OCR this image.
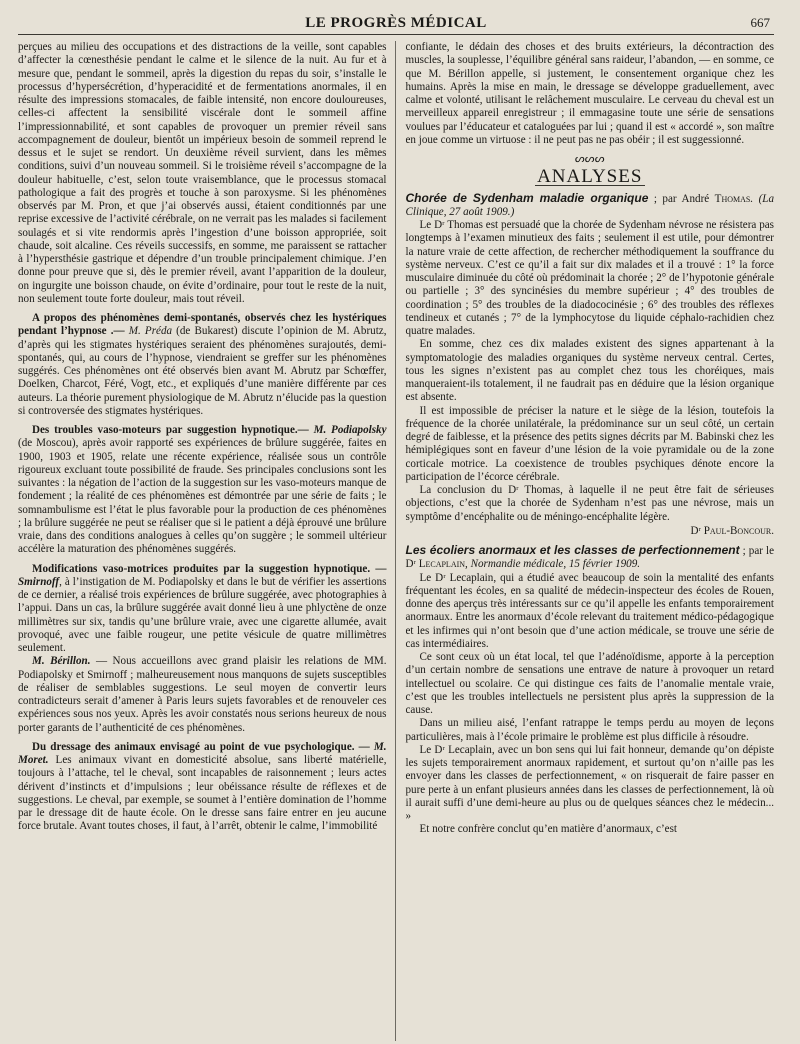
LE PROGRÈS MÉDICAL	667

perçues au milieu des occupations et des distractions de la veille, sont capables d’affecter la cœnesthésie pendant le calme et le silence de la nuit. Au fur et à mesure que, pendant le sommeil, après la digestion du repas du soir, s’installe le processus d’hypersécrétion, d’hyperacidité et de fermentations anormales, il en résulte des impressions stomacales, de faible intensité, non encore douloureuses, celles-ci affectent la sensibilité viscérale dont le sommeil affine l’impressionnabilité, et sont capables de provoquer un premier réveil sans accompagnement de douleur, bientôt un impérieux besoin de sommeil reprend le dessus et le sujet se rendort. Un deuxième réveil survient, dans les mêmes conditions, suivi d’un nouveau sommeil. Si le troisième réveil s’accompagne de la douleur habituelle, c’est, selon toute vraisemblance, que le processus stomacal pathologique a fait des progrès et touche à son paroxysme. Si les phénomènes observés par M. Pron, et que j’ai observés aussi, étaient conditionnés par une reprise excessive de l’activité cérébrale, on ne verrait pas les malades si facilement soulagés et si vite rendormis après l’ingestion d’une boisson appropriée, soit chaude, soit alcaline. Ces réveils successifs, en somme, me paraissent se rattacher à l’hypersthésie gastrique et dépendre d’un trouble principalement chimique. J’en donne pour preuve que si, dès le premier réveil, avant l’apparition de la douleur, on ingurgite une boisson chaude, on évite d’ordinaire, pour tout le reste de la nuit, non seulement toute forte douleur, mais tout réveil.

A propos des phénomènes demi-spontanés, observés chez les hystériques pendant l’hypnose .— M. Préda (de Bukarest) discute l’opinion de M. Abrutz, d’après qui les stigmates hystériques seraient des phénomènes surajoutés, demi-spontanés, qui, au cours de l’hypnose, viendraient se greffer sur les phénomènes suggérés. Ces phénomènes ont été observés bien avant M. Abrutz par Schœffer, Doelken, Charcot, Féré, Vogt, etc., et expliqués d’une manière différente par ces auteurs. La théorie purement physiologique de M. Abrutz n’élucide pas la question si controversée des stigmates hystériques.

Des troubles vaso-moteurs par suggestion hypnotique.— M. Podiapolsky (de Moscou), après avoir rapporté ses expériences de brûlure suggérée, faites en 1900, 1903 et 1905, relate une récente expérience, réalisée sous un contrôle rigoureux excluant toute possibilité de fraude. Ses principales conclusions sont les suivantes : la négation de l’action de la suggestion sur les vaso-moteurs manque de fondement ; la réalité de ces phénomènes est démontrée par une série de faits ; le somnambulisme est l’état le plus favorable pour la production de ces phénomènes ; la brûlure suggérée ne peut se réaliser que si le patient a déjà éprouvé une brûlure vraie, dans des conditions analogues à celles qu’on suggère ; le sommeil ultérieur accélère la maturation des phénomènes suggérés.

Modifications vaso-motrices produites par la suggestion hypnotique. — Smirnoff, à l’instigation de M. Podiapolsky et dans le but de vérifier les assertions de ce dernier, a réalisé trois expériences de brûlure suggérée, avec photographies à l’appui. Dans un cas, la brûlure suggérée avait donné lieu à une phlyctène de onze millimètres sur six, tandis qu’une brûlure vraie, avec une cigarette allumée, avait provoqué, avec une faible rougeur, une petite vésicule de quatre millimètres seulement.

M. Bérillon. — Nous accueillons avec grand plaisir les relations de MM. Podiapolsky et Smirnoff ; malheureusement nous manquons de sujets susceptibles de réaliser de semblables suggestions. Le seul moyen de convertir leurs contradicteurs serait d’amener à Paris leurs sujets favorables et de renouveler ces expériences sous nos yeux. Après les avoir constatés nous serions heureux de nous porter garants de l’authenticité de ces phénomènes.

Du dressage des animaux envisagé au point de vue psychologique. — M. Moret. Les animaux vivant en domesticité absolue, sans liberté matérielle, toujours à l’attache, tel le cheval, sont incapables de raisonnement ; leurs actes dérivent d’instincts et d’impulsions ; leur obéissance résulte de réflexes et de suggestions. Le cheval, par exemple, se soumet à l’entière domination de l’homme par le dressage dit de haute école. On le dresse sans faire entrer en jeu aucune force brutale. Avant toutes choses, il faut, à l’arrêt, obtenir le calme, l’immobilité

confiante, le dédain des choses et des bruits extérieurs, la décontraction des muscles, la souplesse, l’équilibre général sans raideur, l’abandon, — en somme, ce que M. Bérillon appelle, si justement, le consentement organique chez les humains. Après la mise en main, le dressage se développe graduellement, avec calme et volonté, utilisant le relâchement musculaire. Le cerveau du cheval est un merveilleux appareil enregistreur ; il emmagasine toute une série de sensations voulues par l’éducateur et cataloguées par lui ; quand il est « accordé », son maître en joue comme un virtuose : il ne peut pas ne pas obéir ; il est suggessionné.

ᔕᔕᔕ
ANALYSES

Chorée de Sydenham maladie organique ; par André Thomas. (La Clinique, 27 août 1909.)

Le Dʳ Thomas est persuadé que la chorée de Sydenham névrose ne résistera pas longtemps à l’examen minutieux des faits ; seulement il est utile, pour démontrer la nature vraie de cette affection, de rechercher méthodiquement la souffrance du système nerveux. C’est ce qu’il a fait sur dix malades et il a trouvé : 1° la force musculaire diminuée du côté où prédominait la chorée ; 2° de l’hypotonie générale ou partielle ; 3° des syncinésies du membre supérieur ; 4° des troubles de coordination ; 5° des troubles de la diadococinésie ; 6° des troubles des réflexes tendineux et cutanés ; 7° de la lymphocytose du liquide céphalo-rachidien chez quatre malades.

En somme, chez ces dix malades existent des signes appartenant à la symptomatologie des maladies organiques du système nerveux central. Certes, tous les signes n’existent pas au complet chez tous les choréiques, mais manqueraient-ils totalement, il ne faudrait pas en déduire que la lésion organique est absente.

Il est impossible de préciser la nature et le siège de la lésion, toutefois la fréquence de la chorée unilatérale, la prédominance sur un seul côté, un certain degré de faiblesse, et la présence des petits signes décrits par M. Babinski chez les hémiplégiques sont en faveur d’une lésion de la voie pyramidale ou de la zone corticale motrice. La coexistence de troubles psychiques dénote encore la participation de l’écorce cérébrale.

La conclusion du Dʳ Thomas, à laquelle il ne peut être fait de sérieuses objections, c’est que la chorée de Sydenham n’est pas une névrose, mais un symptôme d’encéphalite ou de méningo-encéphalite légère.

Dʳ Paul-Boncour.

Les écoliers anormaux et les classes de perfectionnement ; par le Dʳ Lecaplain, Normandie médicale, 15 février 1909.

Le Dʳ Lecaplain, qui a étudié avec beaucoup de soin la mentalité des enfants fréquentant les écoles, en sa qualité de médecin-inspecteur des écoles de Rouen, donne des aperçus très intéressants sur ce qu’il appelle les enfants temporairement anormaux. Entre les anormaux d’école relevant du traitement médico-pédagogique et les infirmes qui n’ont besoin que d’une action médicale, se trouve une série de cas intermédiaires.

Ce sont ceux où un état local, tel que l’adénoïdisme, apporte à la perception d’un certain nombre de sensations une entrave de nature à provoquer un retard intellectuel ou scolaire. Ce qui distingue ces faits de l’anomalie mentale vraie, c’est que les troubles intellectuels ne persistent plus après la suppression de la cause.

Dans un milieu aisé, l’enfant ratrappe le temps perdu au moyen de leçons particulières, mais à l’école primaire le problème est plus difficile à résoudre.

Le Dʳ Lecaplain, avec un bon sens qui lui fait honneur, demande qu’on dépiste les sujets temporairement anormaux rapidement, et surtout qu’on n’aille pas les envoyer dans les classes de perfectionnement, « on risquerait de faire passer en pure perte à un enfant plusieurs années dans les classes de perfectionnement, là où il aurait suffi d’une demi-heure au plus ou de quelques séances chez le médecin... »

Et notre confrère conclut qu’en matière d’anormaux, c’est
